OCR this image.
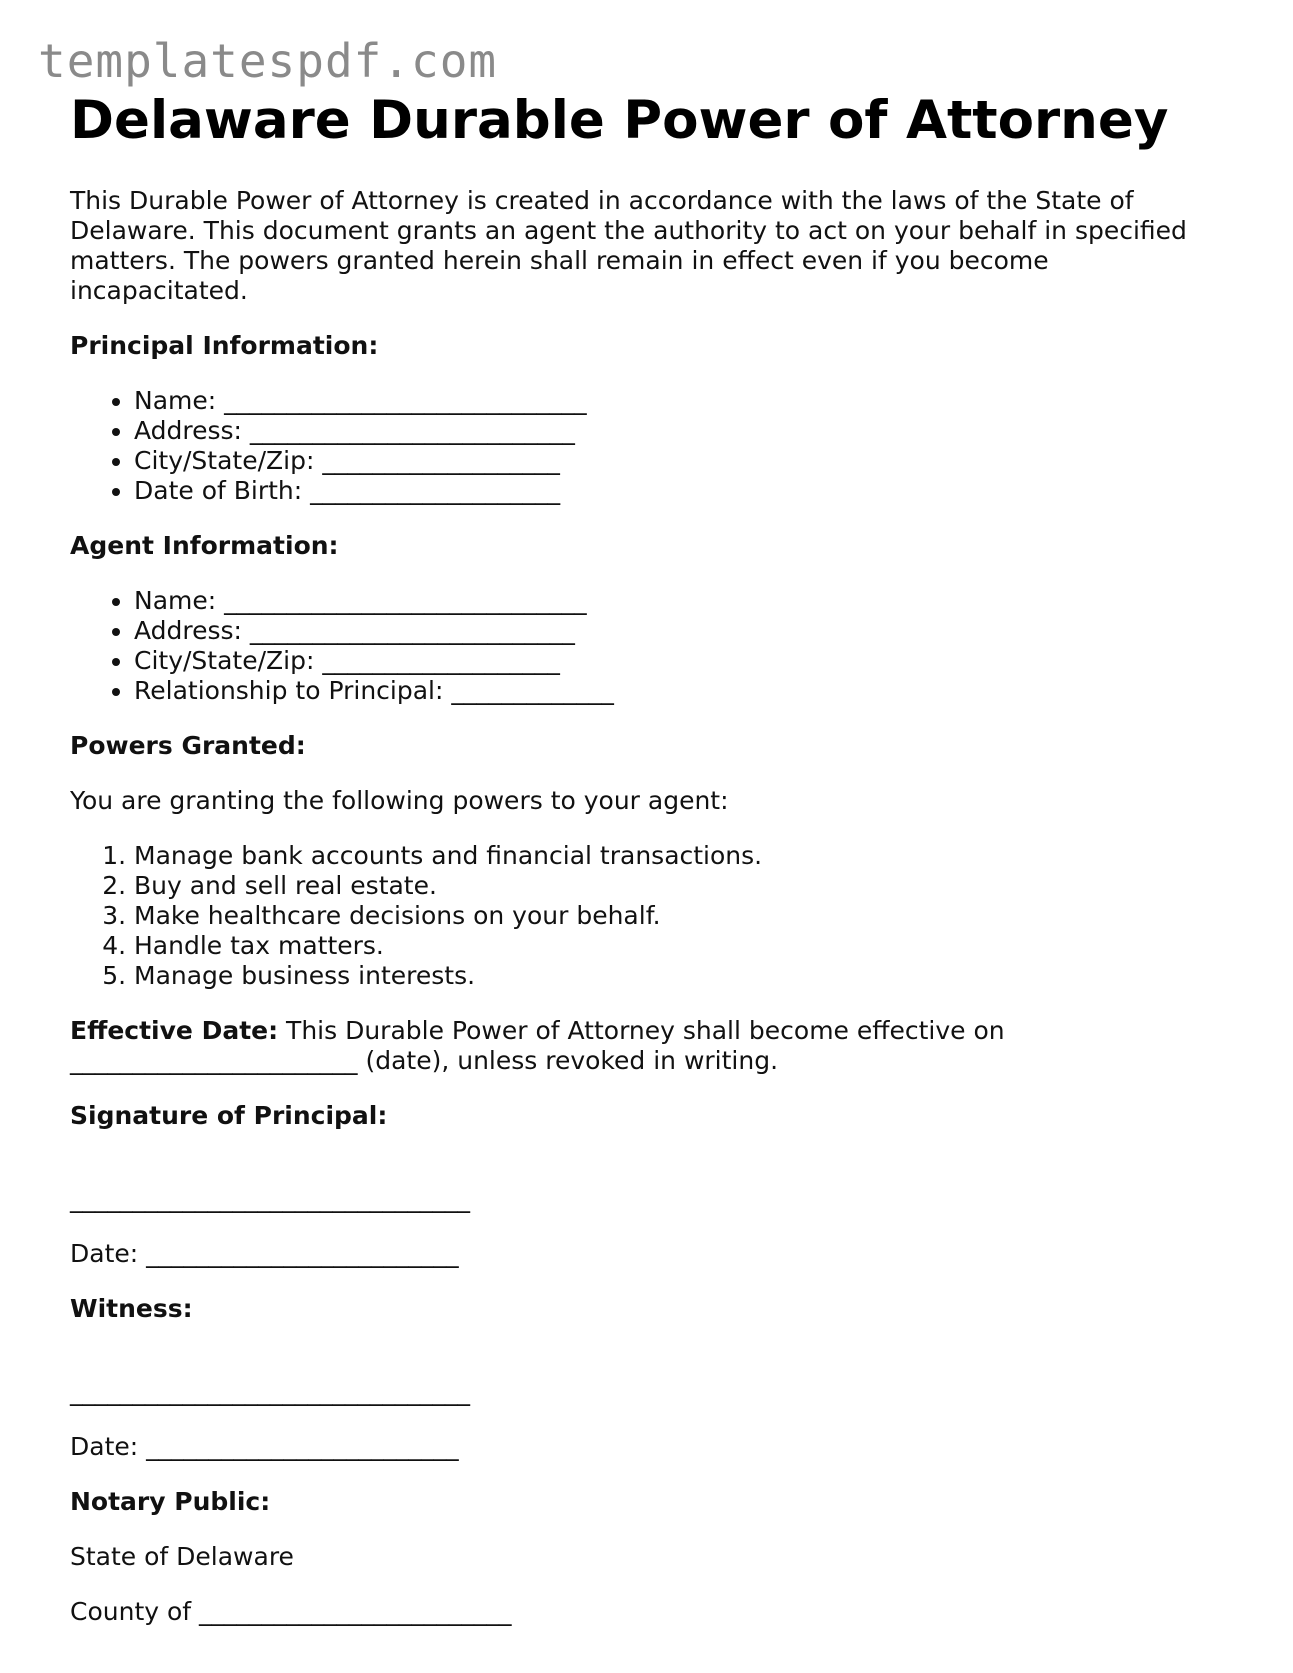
templatespdf.com
Delaware Durable Power of Attorney

This Durable Power of Attorney is created in accordance with the laws of the State of Delaware. This document grants an agent the authority to act on your behalf in specified matters. The powers granted herein shall remain in effect even if you become incapacitated.

Principal Information:

• Name: _____________________________
• Address: __________________________
• City/State/Zip: ___________________
• Date of Birth: ____________________

Agent Information:

• Name: _____________________________
• Address: __________________________
• City/State/Zip: ___________________
• Relationship to Principal: _____________

Powers Granted:

You are granting the following powers to your agent:

1. Manage bank accounts and financial transactions.
2. Buy and sell real estate.
3. Make healthcare decisions on your behalf.
4. Handle tax matters.
5. Manage business interests.

Effective Date: This Durable Power of Attorney shall become effective on _______________________ (date), unless revoked in writing.

Signature of Principal:

________________________________

Date: _________________________

Witness:

________________________________

Date: _________________________

Notary Public:

State of Delaware

County of _________________________
